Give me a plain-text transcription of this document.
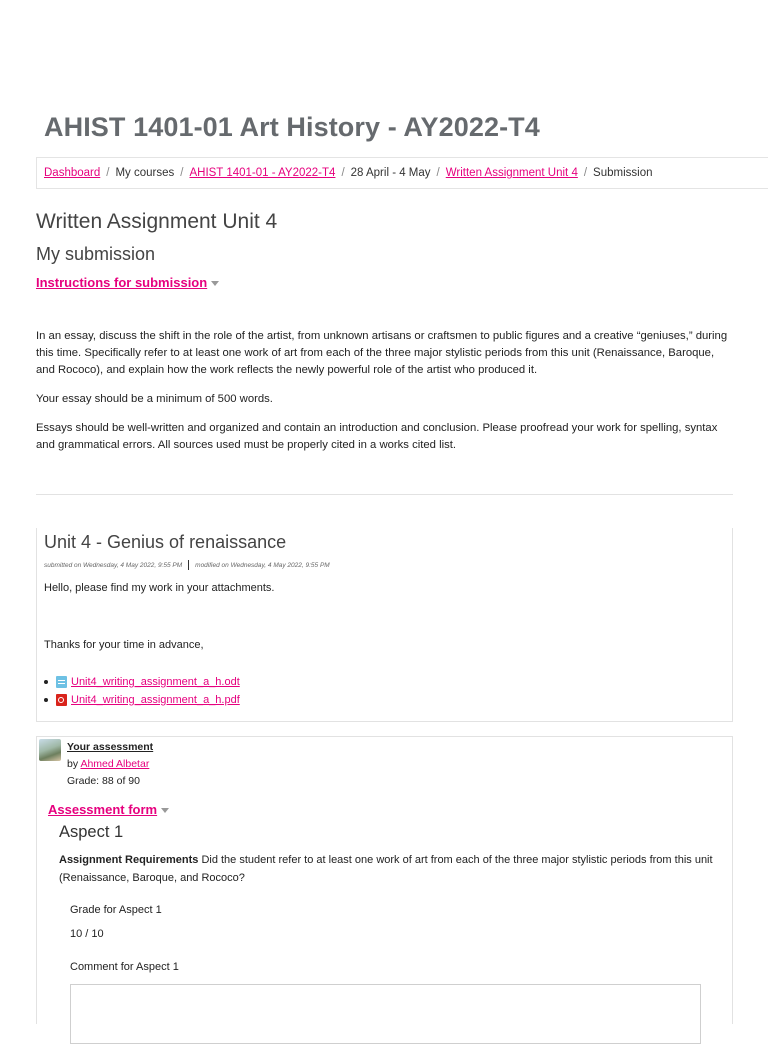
AHIST 1401-01 Art History - AY2022-T4
Dashboard / My courses / AHIST 1401-01 - AY2022-T4 / 28 April - 4 May / Written Assignment Unit 4 / Submission
Written Assignment Unit 4
My submission
Instructions for submission

In an essay, discuss the shift in the role of the artist, from unknown artisans or craftsmen to public figures and a creative “geniuses,” during this time. Specifically refer to at least one work of art from each of the three major stylistic periods from this unit (Renaissance, Baroque, and Rococo), and explain how the work reflects the newly powerful role of the artist who produced it.

Your essay should be a minimum of 500 words.

Essays should be well-written and organized and contain an introduction and conclusion. Please proofread your work for spelling, syntax and grammatical errors. All sources used must be properly cited in a works cited list.

Unit 4 - Genius of renaissance
submitted on
Wednesday, 4 May 2022, 9:55 PM modified on
Wednesday, 4 May 2022, 9:55 PM
Hello, please find my work in your attachments.
Thanks for your time in advance,
Unit4_writing_assignment_a_h.odt
Unit4_writing_assignment_a_h.pdf
Your assessment
by Ahmed Albetar
Grade: 88 of 90
Assessment form
Aspect 1
Assignment Requirements Did the student refer to at least one work of art from each of the three major stylistic periods from this unit (Renaissance, Baroque, and Rococo?
Grade for Aspect 1
10 / 10
Comment for Aspect 1
